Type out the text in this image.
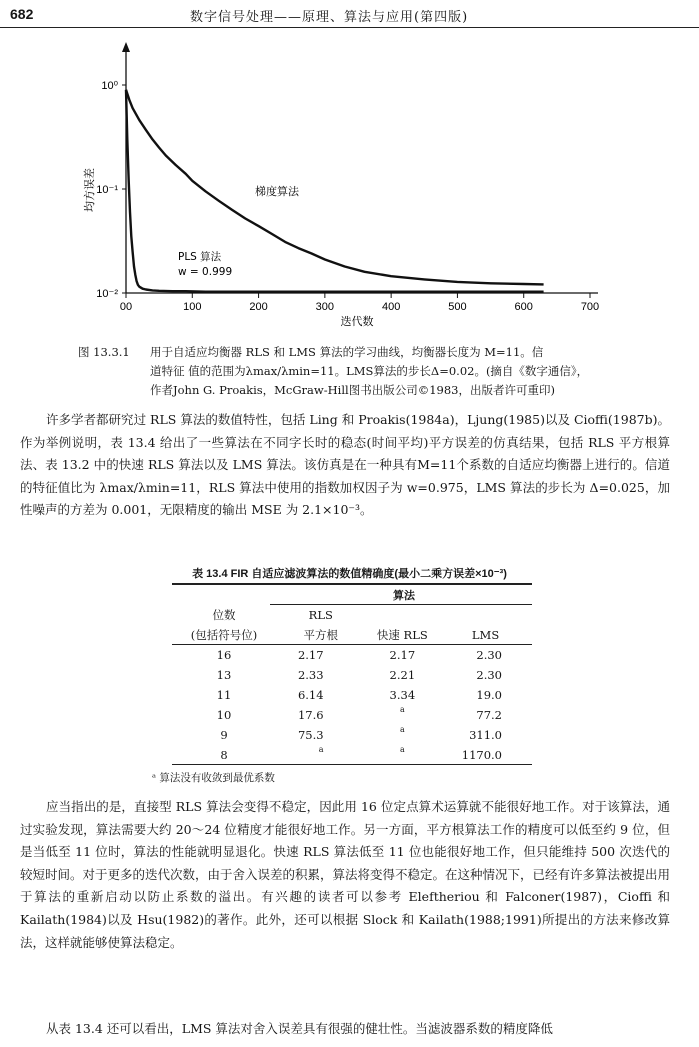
682	数字信号处理——原理、算法与应用(第四版)
00	100	200	300	400	500	600	700
10⁰
10⁻¹
10⁻²
迭代数
均方误差	梯度算法
PLS 算法
w = 0.999
图 13.3.1 用于自适应均衡器 RLS 和 LMS 算法的学习曲线，均衡器长度为 M=11。信
道特征 值的范围为λmax/λmin=11。LMS算法的步长Δ=0.02。(摘自《数字通信》，
作者John G. Proakis，McGraw-Hill图书出版公司©1983，出版者许可重印)
许多学者都研究过 RLS 算法的数值特性，包括 Ling 和 Proakis(1984a)，Ljung(1985)以及 Cioffi(1987b)。作为举例说明，表 13.4 给出了一些算法在不同字长时的稳态(时间平均)平方误差的仿真结果，包括 RLS 平方根算法、表 13.2 中的快速 RLS 算法以及 LMS 算法。该仿真是在一种具有M=11个系数的自适应均衡器上进行的。信道的特征值比为 λmax/λmin=11，RLS 算法中使用的指数加权因子为 w=0.975，LMS 算法的步长为 Δ=0.025，加性噪声的方差为 0.001，无限精度的输出 MSE 为 2.1×10⁻³。
表 13.4 FIR 自适应滤波算法的数值精确度(最小二乘方误差×10⁻³)
	算法		
位数	RLS		
(包括符号位)	平方根	快速 RLS	LMS
16	2.17	2.17	2.30
13	2.33	2.21	2.30
11	6.14	3.34	19.0
10	17.6	a	77.2
9	75.3	a	311.0
8	a	a	1170.0
ᵃ 算法没有收敛到最优系数
应当指出的是，直接型 RLS 算法会变得不稳定，因此用 16 位定点算术运算就不能很好地工作。对于该算法，通过实验发现，算法需要大约 20～24 位精度才能很好地工作。另一方面，平方根算法工作的精度可以低至约 9 位，但是当低至 11 位时，算法的性能就明显退化。快速 RLS 算法低至 11 位也能很好地工作，但只能维持 500 次迭代的较短时间。对于更多的迭代次数，由于舍入误差的积累，算法将变得不稳定。在这种情况下，已经有许多算法被提出用于算法的重新启动以防止系数的溢出。有兴趣的读者可以参考 Eleftheriou 和 Falconer(1987)，Cioffi 和 Kailath(1984)以及 Hsu(1982)的著作。此外，还可以根据 Slock 和 Kailath(1988;1991)所提出的方法来修改算法，这样就能够使算法稳定。
从表 13.4 还可以看出，LMS 算法对舍入误差具有很强的健壮性。当滤波器系数的精度降低
